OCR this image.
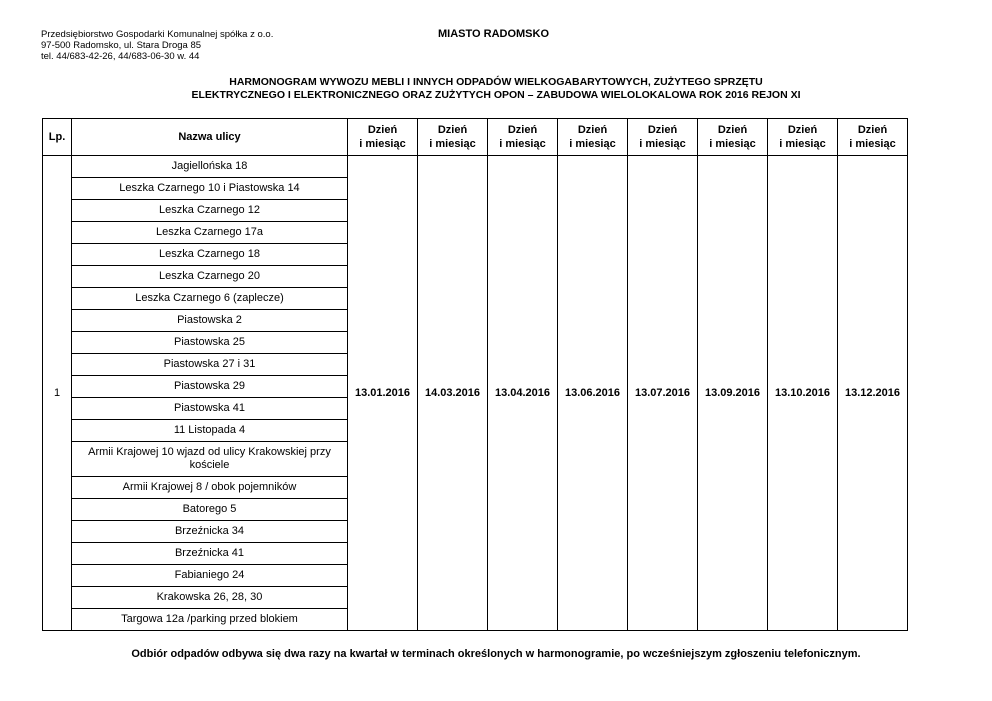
Przedsiębiorstwo Gospodarki Komunalnej spółka z o.o.
97-500 Radomsko, ul. Stara Droga 85
tel. 44/683-42-26, 44/683-06-30 w. 44
MIASTO RADOMSKO
HARMONOGRAM WYWOZU MEBLI I INNYCH ODPADÓW WIELKOGABARYTOWYCH, ZUŻYTEGO SPRZĘTU
ELEKTRYCZNEGO I ELEKTRONICZNEGO ORAZ ZUŻYTYCH OPON – ZABUDOWA WIELOLOKALOWA ROK 2016 REJON XI
Lp.	Nazwa ulicy	Dzień
i miesiąc	Dzień
i miesiąc	Dzień
i miesiąc	Dzień
i miesiąc	Dzień
i miesiąc	Dzień
i miesiąc	Dzień
i miesiąc	Dzień
i miesiąc

1	Jagiellońska 18	13.01.2016	14.03.2016	13.04.2016	13.06.2016	13.07.2016	13.09.2016	13.10.2016	13.12.2016
	Leszka Czarnego 10 i Piastowska 14								
	Leszka Czarnego 12								
	Leszka Czarnego 17a								
	Leszka Czarnego 18								
	Leszka Czarnego 20								
	Leszka Czarnego 6 (zaplecze)								
	Piastowska 2								
	Piastowska 25								
	Piastowska 27 i 31								
	Piastowska 29								
	Piastowska 41								
	11 Listopada 4								
	Armii Krajowej 10 wjazd od ulicy Krakowskiej przy kościele								
	Armii Krajowej 8 / obok pojemników								
	Batorego 5								
	Brzeźnicka 34								
	Brzeźnicka 41								
	Fabianiego 24								
	Krakowska 26, 28, 30								
	Targowa 12a /parking przed blokiem								
Odbiór odpadów odbywa się dwa razy na kwartał w terminach określonych w harmonogramie, po wcześniejszym zgłoszeniu telefonicznym.
